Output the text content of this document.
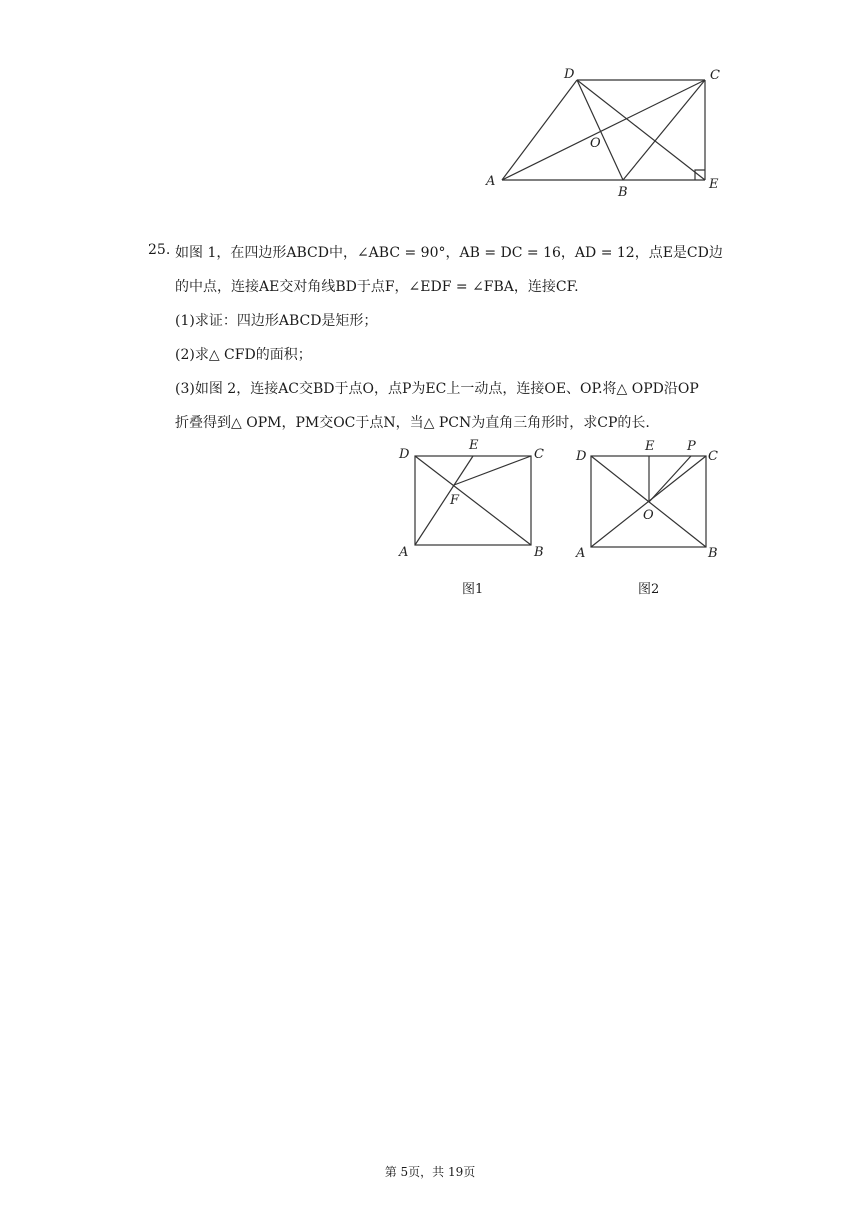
D	C
O
A
B
E
25. 如图 1，在四边形ABCD中，∠ABC = 90°，AB = DC = 16，AD = 12，点E是CD边
的中点，连接AE交对角线BD于点F，∠EDF = ∠FBA，连接CF.
(1)求证：四边形ABCD是矩形；
(2)求△ CFD的面积；
(3)如图 2，连接AC交BD于点O，点P为EC上一动点，连接OE、OP.将△ OPD沿OP
折叠得到△ OPM，PM交OC于点N，当△ PCN为直角三角形时，求CP的长.
D
E
C
F
A	B
图1
D
E	P
C
O
A	B
图2
第 5页，共 19页
